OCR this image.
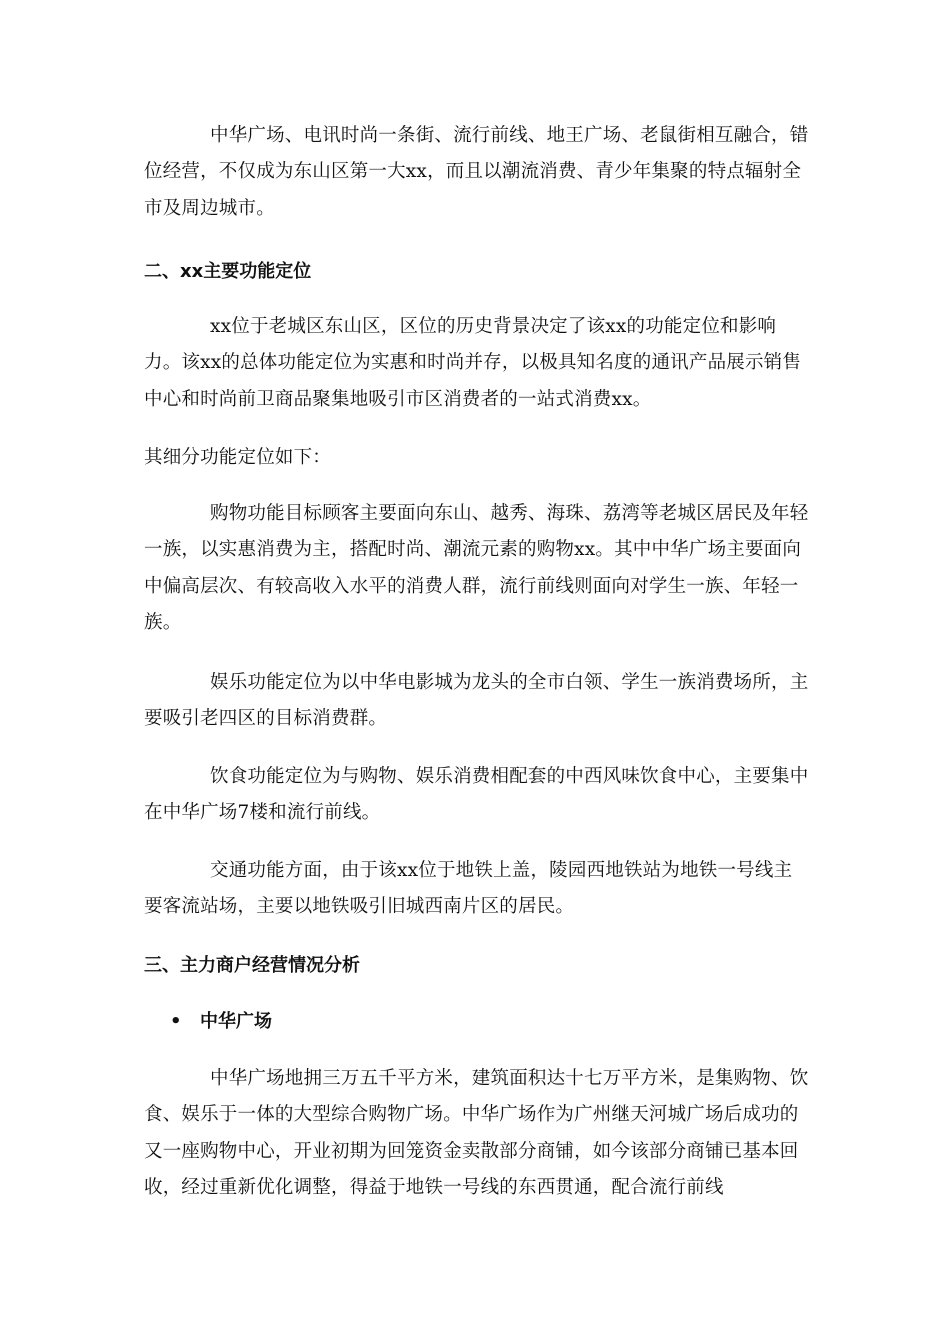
中华广场、电讯时尚一条街、流行前线、地王广场、老鼠街相互融合，错位经营，不仅成为东山区第一大xx，而且以潮流消费、青少年集聚的特点辐射全市及周边城市。

二、xx主要功能定位

xx位于老城区东山区，区位的历史背景决定了该xx的功能定位和影响力。该xx的总体功能定位为实惠和时尚并存，以极具知名度的通讯产品展示销售中心和时尚前卫商品聚集地吸引市区消费者的一站式消费xx。

其细分功能定位如下：

购物功能目标顾客主要面向东山、越秀、海珠、荔湾等老城区居民及年轻一族，以实惠消费为主，搭配时尚、潮流元素的购物xx。其中中华广场主要面向中偏高层次、有较高收入水平的消费人群，流行前线则面向对学生一族、年轻一族。

娱乐功能定位为以中华电影城为龙头的全市白领、学生一族消费场所，主要吸引老四区的目标消费群。

饮食功能定位为与购物、娱乐消费相配套的中西风味饮食中心，主要集中在中华广场7楼和流行前线。

交通功能方面，由于该xx位于地铁上盖，陵园西地铁站为地铁一号线主要客流站场，主要以地铁吸引旧城西南片区的居民。

三、主力商户经营情况分析
• 中华广场

中华广场地拥三万五千平方米，建筑面积达十七万平方米，是集购物、饮食、娱乐于一体的大型综合购物广场。中华广场作为广州继天河城广场后成功的又一座购物中心，开业初期为回笼资金卖散部分商铺，如今该部分商铺已基本回收，经过重新优化调整，得益于地铁一号线的东西贯通，配合流行前线
